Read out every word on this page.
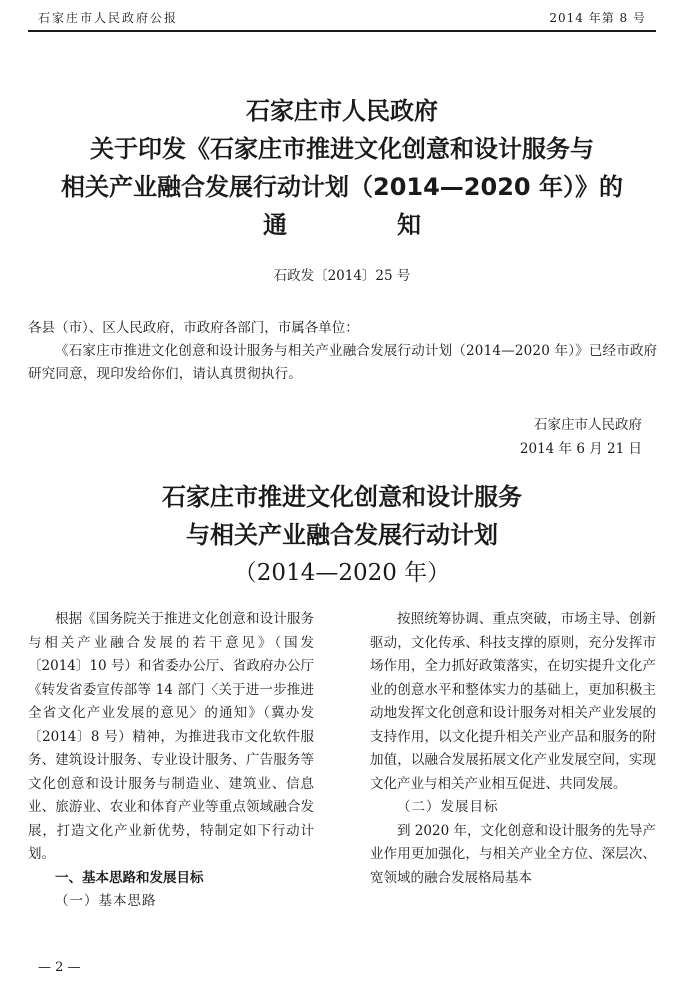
石家庄市人民政府公报	2014 年第 8 号
石家庄市人民政府
关于印发《石家庄市推进文化创意和设计服务与
相关产业融合发展行动计划（2014—2020 年）》的
通知
石政发〔2014〕25 号
各县（市）、区人民政府，市政府各部门，市属各单位：
《石家庄市推进文化创意和设计服务与相关产业融合发展行动计划（2014—2020 年）》已经市政府研究同意，现印发给你们，请认真贯彻执行。
石家庄市人民政府
2014 年 6 月 21 日
石家庄市推进文化创意和设计服务
与相关产业融合发展行动计划
（2014—2020 年）
根据《国务院关于推进文化创意和设计服务与相关产业融合发展的若干意见》（国发〔2014〕10 号）和省委办公厅、省政府办公厅《转发省委宣传部等 14 部门〈关于进一步推进全省文化产业发展的意见〉的通知》（冀办发〔2014〕8 号）精神，为推进我市文化软件服务、建筑设计服务、专业设计服务、广告服务等文化创意和设计服务与制造业、建筑业、信息业、旅游业、农业和体育产业等重点领域融合发展，打造文化产业新优势，特制定如下行动计划。
一、基本思路和发展目标
（一）基本思路
按照统筹协调、重点突破，市场主导、创新驱动，文化传承、科技支撑的原则，充分发挥市场作用，全力抓好政策落实，在切实提升文化产业的创意水平和整体实力的基础上，更加积极主动地发挥文化创意和设计服务对相关产业发展的支持作用，以文化提升相关产业产品和服务的附加值，以融合发展拓展文化产业发展空间，实现文化产业与相关产业相互促进、共同发展。
（二）发展目标
到 2020 年，文化创意和设计服务的先导产业作用更加强化，与相关产业全方位、深层次、宽领域的融合发展格局基本
— 2 —
